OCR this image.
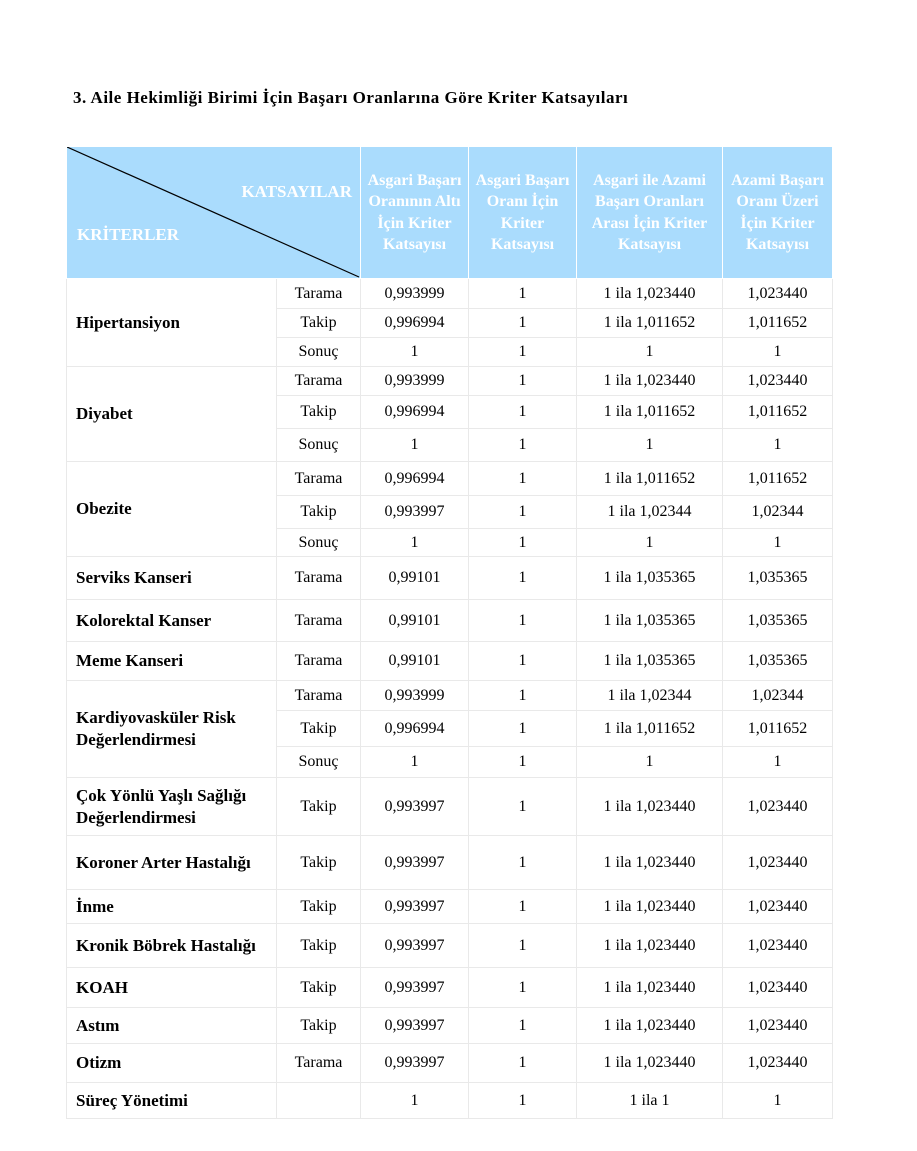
3. Aile Hekimliği Birimi İçin Başarı Oranlarına Göre Kriter Katsayıları
KATSAYILAR
KRİTERLER		Asgari Başarı Oranının Altı İçin Kriter Katsayısı	Asgari Başarı Oranı İçin Kriter Katsayısı	Asgari ile Azami Başarı Oranları Arası İçin Kriter Katsayısı	Azami Başarı Oranı Üzeri İçin Kriter Katsayısı
Hipertansiyon	Tarama	0,993999	1	1 ila 1,023440	1,023440
	Takip	0,996994	1	1 ila 1,011652	1,011652
	Sonuç	1	1	1	1
Diyabet	Tarama	0,993999	1	1 ila 1,023440	1,023440
	Takip	0,996994	1	1 ila 1,011652	1,011652
	Sonuç	1	1	1	1
Obezite	Tarama	0,996994	1	1 ila 1,011652	1,011652
	Takip	0,993997	1	1 ila 1,02344	1,02344
	Sonuç	1	1	1	1
Serviks Kanseri	Tarama	0,99101	1	1 ila 1,035365	1,035365
Kolorektal Kanser	Tarama	0,99101	1	1 ila 1,035365	1,035365
Meme Kanseri	Tarama	0,99101	1	1 ila 1,035365	1,035365
Kardiyovasküler Risk Değerlendirmesi	Tarama	0,993999	1	1 ila 1,02344	1,02344
	Takip	0,996994	1	1 ila 1,011652	1,011652
	Sonuç	1	1	1	1
Çok Yönlü Yaşlı Sağlığı Değerlendirmesi	Takip	0,993997	1	1 ila 1,023440	1,023440
Koroner Arter Hastalığı	Takip	0,993997	1	1 ila 1,023440	1,023440
İnme	Takip	0,993997	1	1 ila 1,023440	1,023440
Kronik Böbrek Hastalığı	Takip	0,993997	1	1 ila 1,023440	1,023440
KOAH	Takip	0,993997	1	1 ila 1,023440	1,023440
Astım	Takip	0,993997	1	1 ila 1,023440	1,023440
Otizm	Tarama	0,993997	1	1 ila 1,023440	1,023440
Süreç Yönetimi		1	1	1 ila 1	1
